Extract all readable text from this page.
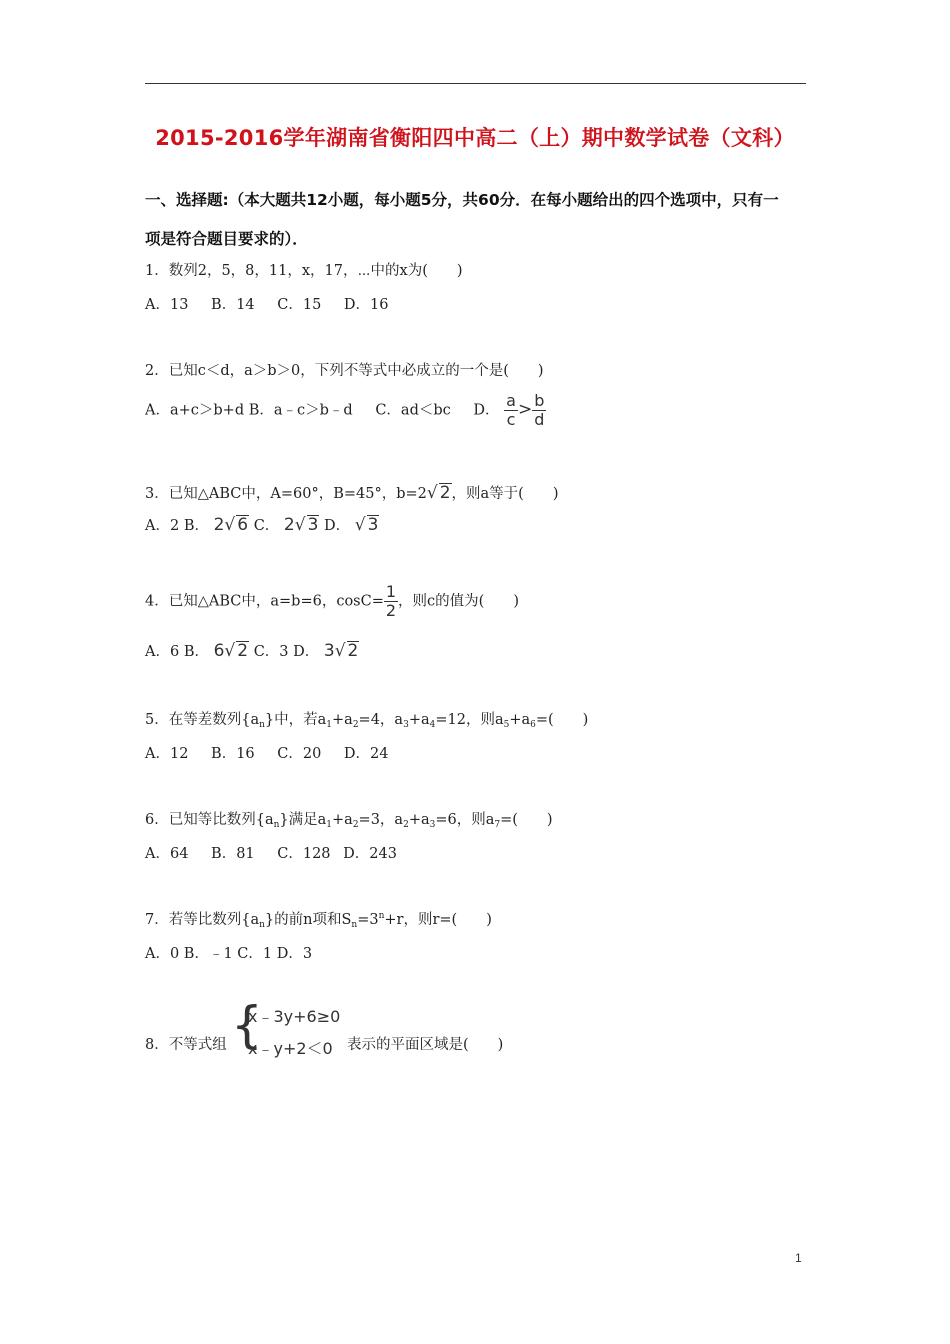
2015-2016学年湖南省衡阳四中高二（上）期中数学试卷（文科）
一、选择题:（本大题共12小题，每小题5分，共60分．在每小题给出的四个选项中，只有一
项是符合题目要求的）．
1．数列2，5，8，11，x，17，⋯中的x为(　　)
A．13 B．14 C．15 D．16
2．已知c＜d，a＞b＞0，下列不等式中必成立的一个是(　　)
A．a+c＞b+d B．a﹣c＞b﹣d C．ad＜bc D． $\frac{a}{c} > \frac{b}{d}$
3．已知△ABC中，A=60°，B=45°，b=2√ 2，则a等于(　　)
A．2 B． 2√ 6 C． 2√ 3 D． √ 3
4．已知△ABC中，a=b=6，$\cos C= \frac{1}{2}$ ，则c的值为(　　)
A．6 B． 6√ 2 C．3 D． 3√ 2
5．在等差数列$\{a_n\}$中，若$a_1+a_2=4$，$a_3+a_4=12$，则$a_5+a_6=$(　　)
A．12 B．16 C．20 D．24
6．已知等比数列$\{a_n\}$满足$a_1+a_2=3$，$a_2+a_3=6$，则$a_7=$(　　)
A．64 B．81 C．128 D．243
7．若等比数列$\{a_n\}$的前n项和$S_n=3^n+r$，则r=(　　)
A．0 B．﹣1 C．1 D．3
8．不等式组 {
x﹣3y+6≥0
x﹣y+2＜0 表示的平面区域是(　　)
1
